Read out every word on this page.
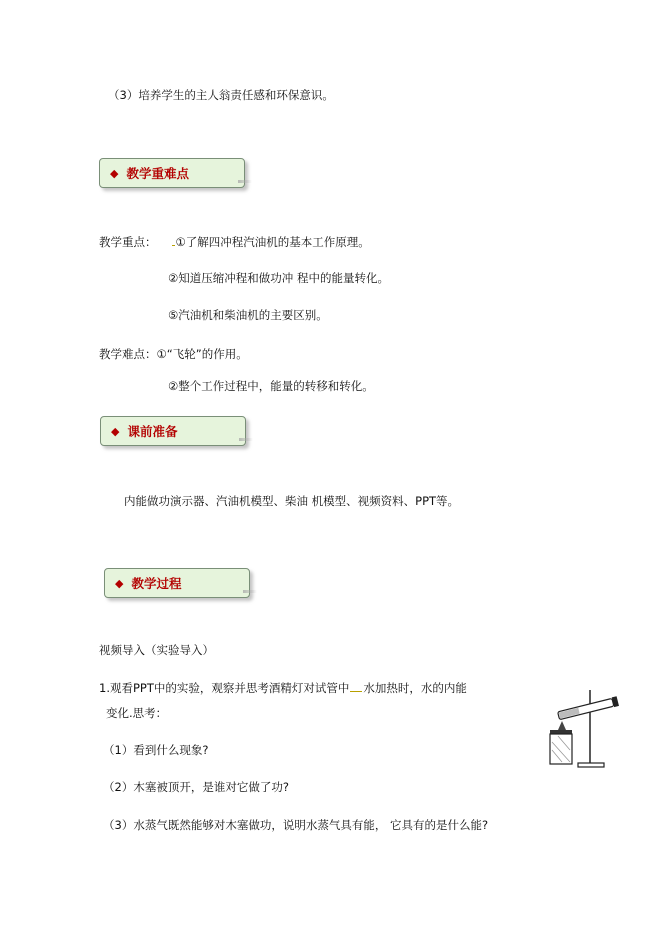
（3）培养学生的主人翁责任感和环保意识。
◆ 教学重难点
教学重点： ①了解四冲程汽油机的基本工作原理。
②知道压缩冲程和做功冲 程中的能量转化。
⑤汽油机和柴油机的主要区别。
教学难点：①“飞轮”的作用。
②整个工作过程中，能量的转移和转化。
◆ 课前准备
内能做功演示器、汽油机模型、柴油 机模型、视频资料、PPT等。
◆ 教学过程
视频导入（实验导入）
1.观看PPT中的实验，观察并思考酒精灯对试管中 水加热时，水的内能
变化.思考：
（1）看到什么现象?
（2）木塞被顶开，是谁对它做了功?
（3）水蒸气既然能够对木塞做功，说明水蒸气具有能， 它具有的是什么能?
